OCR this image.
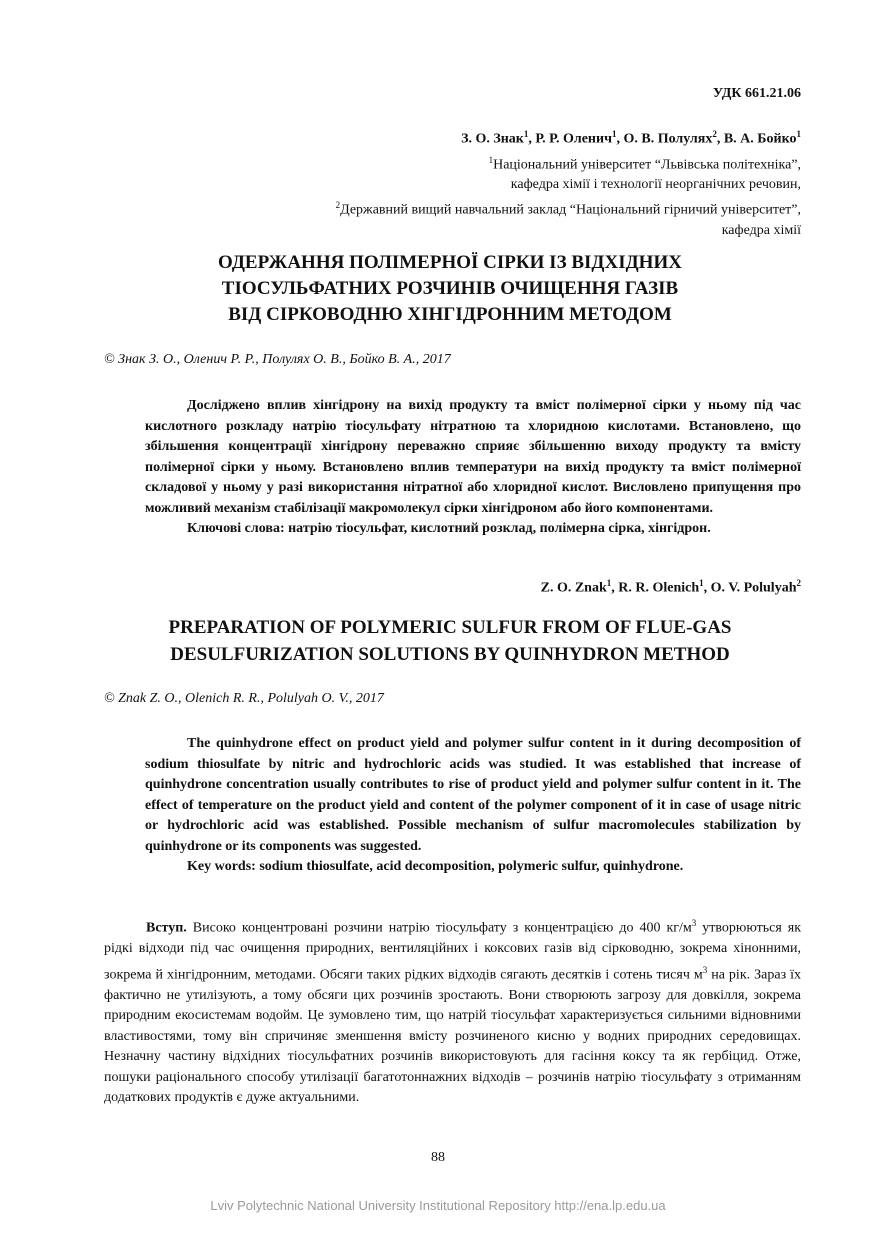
УДК 661.21.06
З. О. Знак$^1$, Р. Р. Оленич$^1$, О. В. Полулях$^2$, В. А. Бойко$^1$
$^1$Національний університет “Львівська політехніка”,
кафедра хімії і технології неорганічних речовин,
$^2$Державний вищий навчальний заклад “Національний гірничий університет”,
кафедра хімії
ОДЕРЖАННЯ ПОЛІМЕРНОЇ СІРКИ ІЗ ВІДХІДНИХ
ТІОСУЛЬФАТНИХ РОЗЧИНІВ ОЧИЩЕННЯ ГАЗІВ
ВІД СІРКОВОДНЮ ХІНГІДРОННИМ МЕТОДОМ
© Знак З. О., Оленич Р. Р., Полулях О. В., Бойко В. А., 2017

Досліджено вплив хінгідрону на вихід продукту та вміст полімерної сірки у ньому під час кислотного розкладу натрію тіосульфату нітратною та хлоридною кислотами. Встановлено, що збільшення концентрації хінгідрону переважно сприяє збільшенню виходу продукту та вмісту полімерної сірки у ньому. Встановлено вплив температури на вихід продукту та вміст полімерної складової у ньому у разі використання нітратної або хлоридної кислот. Висловлено припущення про можливий механізм стабілізації макромолекул сірки хінгідроном або його компонентами.

Ключові слова: натрію тіосульфат, кислотний розклад, полімерна сірка, хінгідрон.

Z. O. Znak$^1$, R. R. Olenich$^1$, O. V. Polulyah$^2$
PREPARATION OF POLYMERIC SULFUR FROM OF FLUE-GAS
DESULFURIZATION SOLUTIONS BY QUINHYDRON METHOD
© Znak Z. O., Olenich R. R., Polulyah O. V., 2017

The quinhydrone effect on product yield and polymer sulfur content in it during decomposition of sodium thiosulfate by nitric and hydrochloric acids was studied. It was established that increase of quinhydrone concentration usually contributes to rise of product yield and polymer sulfur content in it. The effect of temperature on the product yield and content of the polymer component of it in case of usage nitric or hydrochloric acid was established. Possible mechanism of sulfur macromolecules stabilization by quinhydrone or its components was suggested.

Key words: sodium thiosulfate, acid decomposition, polymeric sulfur, quinhydrone.

Вступ. Високо концентровані розчини натрію тіосульфату з концентрацією до 400 $кг/м^3$ утворюються як рідкі відходи під час очищення природних, вентиляційних і коксових газів від сірководню, зокрема хінонними, зокрема й хінгідронним, методами. Обсяги таких рідких відходів сягають десятків і сотень тисяч $м^3$ на рік. Зараз їх фактично не утилізують, а тому обсяги цих розчинів зростають. Вони створюють загрозу для довкілля, зокрема природним екосистемам водойм. Це зумовлено тим, що натрій тіосульфат характеризується сильними відновними властивостями, тому він спричиняє зменшення вмісту розчиненого кисню у водних природних середовищах. Незначну частину відхідних тіосульфатних розчинів використовують для гасіння коксу та як гербіцид. Отже, пошуки раціонального способу утилізації багатотоннажних відходів – розчинів натрію тіосульфату з отриманням додаткових продуктів є дуже актуальними.

88
Lviv Polytechnic National University Institutional Repository http://ena.lp.edu.ua
